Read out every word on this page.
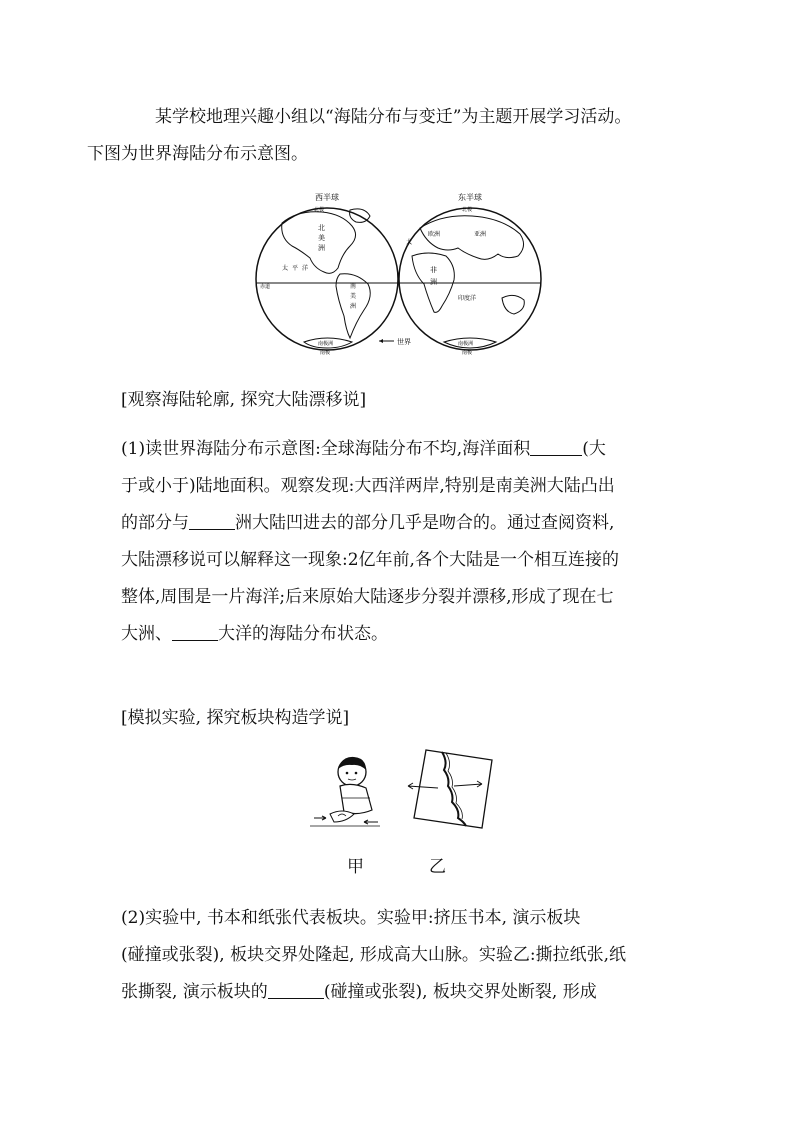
某学校地理兴趣小组以“海陆分布与变迁”为主题开展学习活动。
下图为世界海陆分布示意图。

西半球
北极
北
美
洲
太 平 洋
赤道	南
美
洲
南极洲
南极
世界
东半球
北极
欧洲	亚洲
大
非
洲
印度洋
南极洲
南极

[观察海陆轮廓, 探究大陆漂移说]

(1)读世界海陆分布示意图:全球海陆分布不均,海洋面积	(大
于或小于)陆地面积。观察发现:大西洋两岸,特别是南美洲大陆凸出
的部分与	洲大陆凹进去的部分几乎是吻合的。通过查阅资料,
大陆漂移说可以解释这一现象:2亿年前,各个大陆是一个相互连接的
整体,周围是一片海洋;后来原始大陆逐步分裂并漂移,形成了现在七
大洲、	大洋的海陆分布状态。

[模拟实验, 探究板块构造学说]

甲	乙
(2)实验中, 书本和纸张代表板块。实验甲:挤压书本, 演示板块
(碰撞或张裂), 板块交界处隆起, 形成高大山脉。实验乙:撕拉纸张,纸
张撕裂, 演示板块的	(碰撞或张裂), 板块交界处断裂, 形成
